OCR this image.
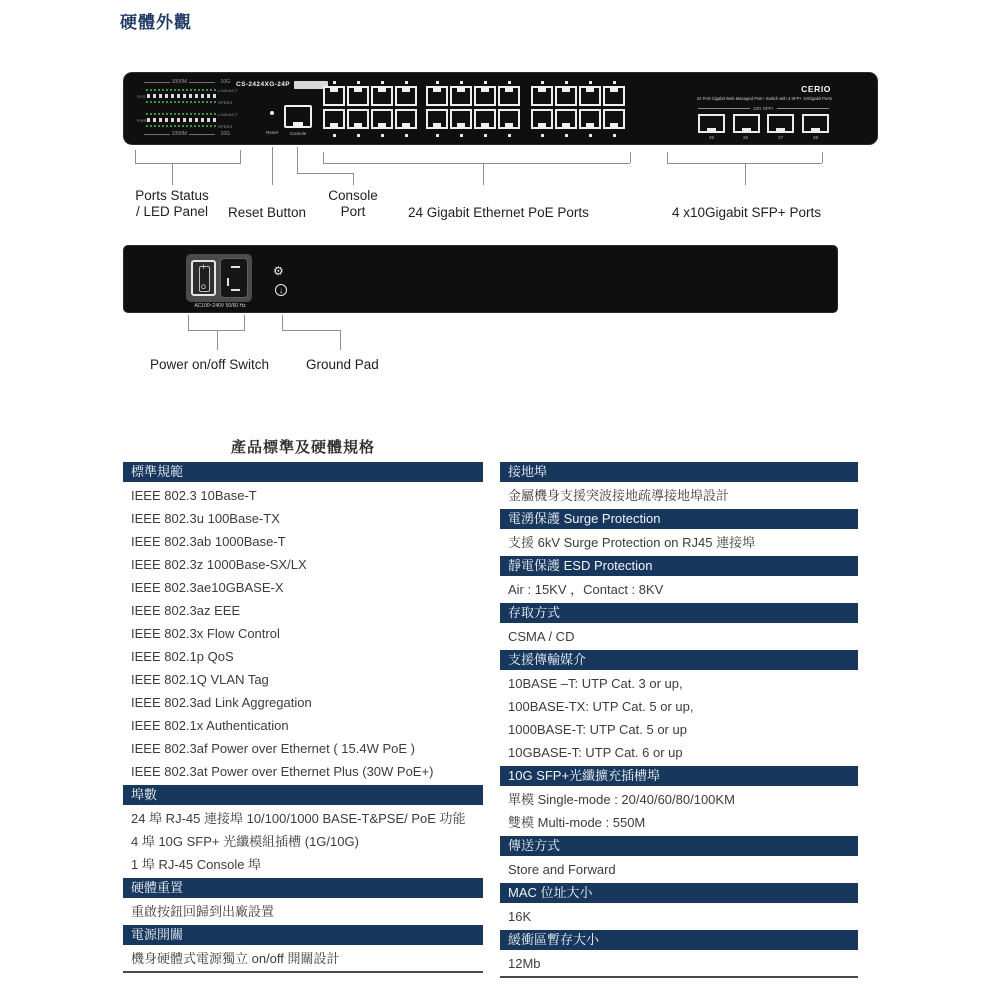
硬體外觀
1000M	10G
SYS
LINK/ACT
SPEED
PWR
LINK/ACT
SPEED
1000M	10G
CS-2424XG-24P
Reset	Console
CERIO
24 Port Gigabit Web Managed PoE+ Switch with 4 SFP+ 10Gigabit Ports
10G SFP+
25	26	27	28
Ports Status
/ LED Panel	Reset Button
Console
Port	24 Gigabit Ethernet PoE Ports	4 x10Gigabit SFP+ Ports
I
O
AC100~240V 50/60 Hz
⚙
↓
Power on/off Switch	Ground Pad
產品標準及硬體規格
標準規範
IEEE 802.3 10Base-T
IEEE 802.3u 100Base-TX
IEEE 802.3ab 1000Base-T
IEEE 802.3z 1000Base-SX/LX
IEEE 802.3ae10GBASE-X
IEEE 802.3az EEE
IEEE 802.3x Flow Control
IEEE 802.1p QoS
IEEE 802.1Q VLAN Tag
IEEE 802.3ad Link Aggregation
IEEE 802.1x Authentication
IEEE 802.3af Power over Ethernet ( 15.4W PoE )
IEEE 802.3at Power over Ethernet Plus (30W PoE+)
埠數
24 埠 RJ-45 連接埠 10/100/1000 BASE-T&PSE/ PoE 功能
4 埠 10G SFP+ 光纖模組插槽 (1G/10G)
1 埠 RJ-45 Console 埠
硬體重置
重啟按鈕回歸到出廠設置
電源開關
機身硬體式電源獨立 on/off 開關設計
接地埠
金屬機身支援突波接地疏導接地埠設計
電湧保護 Surge Protection
支援 6kV Surge Protection on RJ45 連接埠
靜電保護 ESD Protection
Air : 15KV ，Contact : 8KV
存取方式
CSMA / CD
支援傳輸媒介
10BASE –T: UTP Cat. 3 or up,
100BASE-TX: UTP Cat. 5 or up,
1000BASE-T: UTP Cat. 5 or up
10GBASE-T: UTP Cat. 6 or up
10G SFP+光纖擴充插槽埠
單模 Single-mode : 20/40/60/80/100KM
雙模 Multi-mode : 550M
傳送方式
Store and Forward
MAC 位址大小
16K
緩衝區暫存大小
12Mb
